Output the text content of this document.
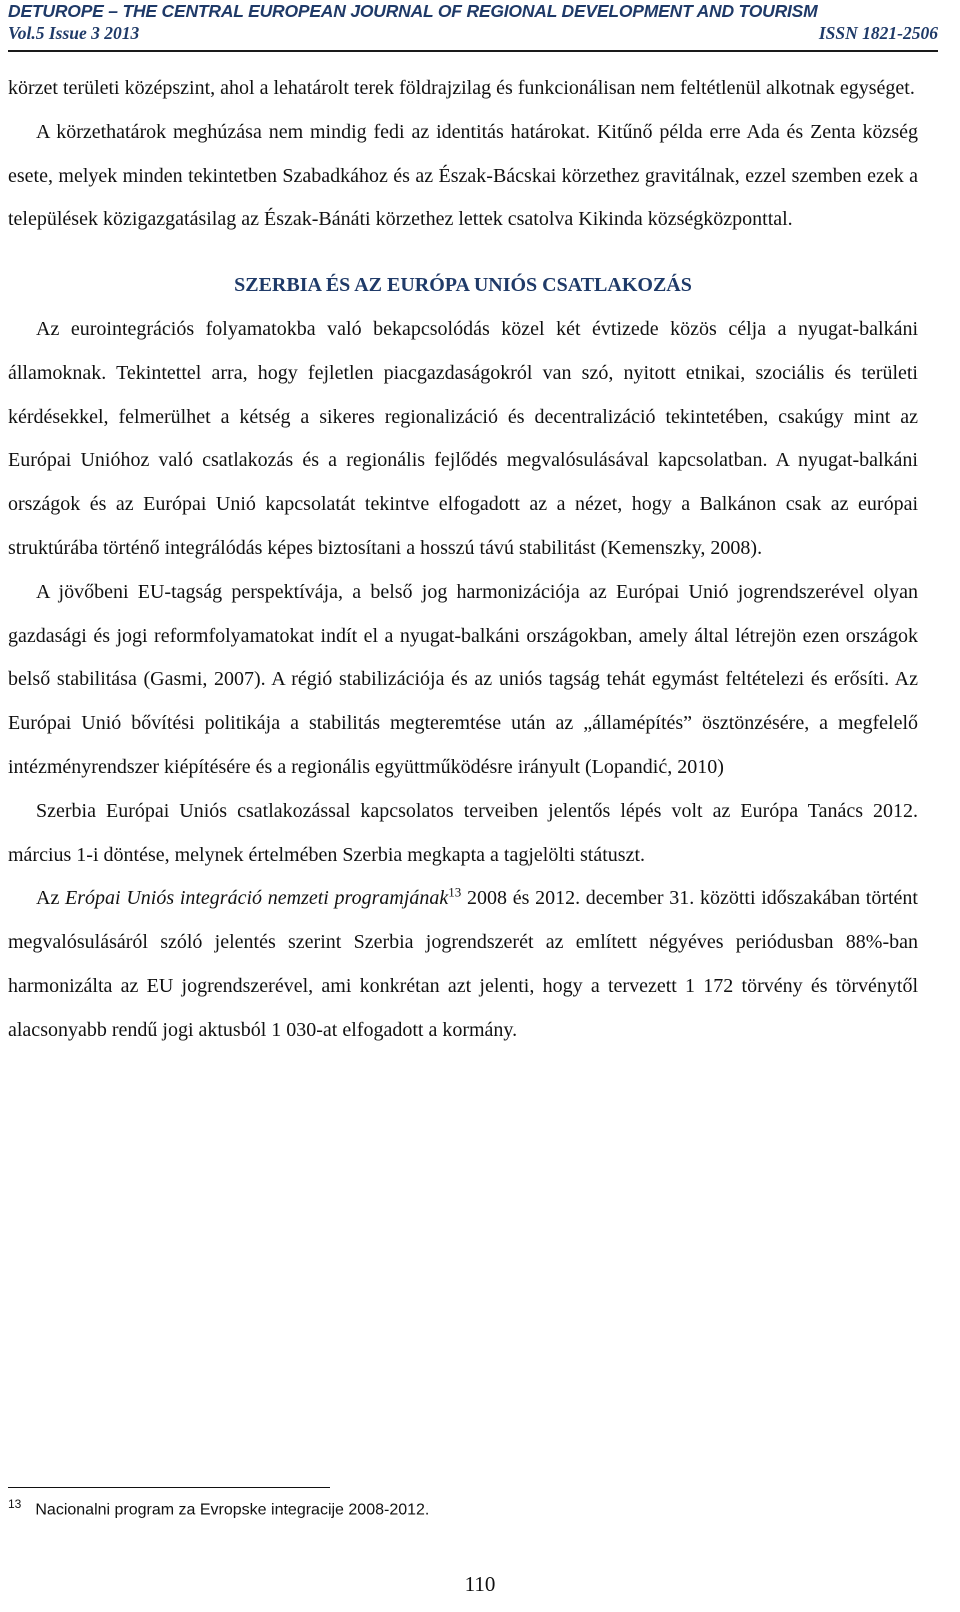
DETUROPE – THE CENTRAL EUROPEAN JOURNAL OF REGIONAL DEVELOPMENT AND TOURISM
Vol.5 Issue 3 2013	ISSN 1821-2506

körzet területi középszint, ahol a lehatárolt terek földrajzilag és funkcionálisan nem feltétlenül alkotnak egységet.

A körzethatárok meghúzása nem mindig fedi az identitás határokat. Kitűnő példa erre Ada és Zenta község esete, melyek minden tekintetben Szabadkához és az Észak-Bácskai körzethez gravitálnak, ezzel szemben ezek a települések közigazgatásilag az Észak-Bánáti körzethez lettek csatolva Kikinda községközponttal.

SZERBIA ÉS AZ EURÓPA UNIÓS CSATLAKOZÁS

Az eurointegrációs folyamatokba való bekapcsolódás közel két évtizede közös célja a nyugat-balkáni államoknak. Tekintettel arra, hogy fejletlen piacgazdaságokról van szó, nyitott etnikai, szociális és területi kérdésekkel, felmerülhet a kétség a sikeres regionalizáció és decentralizáció tekintetében, csakúgy mint az Európai Unióhoz való csatlakozás és a regionális fejlődés megvalósulásával kapcsolatban. A nyugat-balkáni országok és az Európai Unió kapcsolatát tekintve elfogadott az a nézet, hogy a Balkánon csak az európai struktúrába történő integrálódás képes biztosítani a hosszú távú stabilitást (Kemenszky, 2008).

A jövőbeni EU-tagság perspektívája, a belső jog harmonizációja az Európai Unió jogrendszerével olyan gazdasági és jogi reformfolyamatokat indít el a nyugat-balkáni országokban, amely által létrejön ezen országok belső stabilitása (Gasmi, 2007). A régió stabilizációja és az uniós tagság tehát egymást feltételezi és erősíti. Az Európai Unió bővítési politikája a stabilitás megteremtése után az „államépítés” ösztönzésére, a megfelelő intézményrendszer kiépítésére és a regionális együttműködésre irányult (Lopandić, 2010)

Szerbia Európai Uniós csatlakozással kapcsolatos terveiben jelentős lépés volt az Európa Tanács 2012. március 1-i döntése, melynek értelmében Szerbia megkapta a tagjelölti státuszt.

Az Erópai Uniós integráció nemzeti programjának$^{13}$ 2008 és 2012. december 31. közötti időszakában történt megvalósulásáról szóló jelentés szerint Szerbia jogrendszerét az említett négyéves periódusban 88%-ban harmonizálta az EU jogrendszerével, ami konkrétan azt jelenti, hogy a tervezett 1 172 törvény és törvénytől alacsonyabb rendű jogi aktusból 1 030-at elfogadott a kormány.

$^{13}$ Nacionalni program za Evropske integracije 2008-2012.
110
